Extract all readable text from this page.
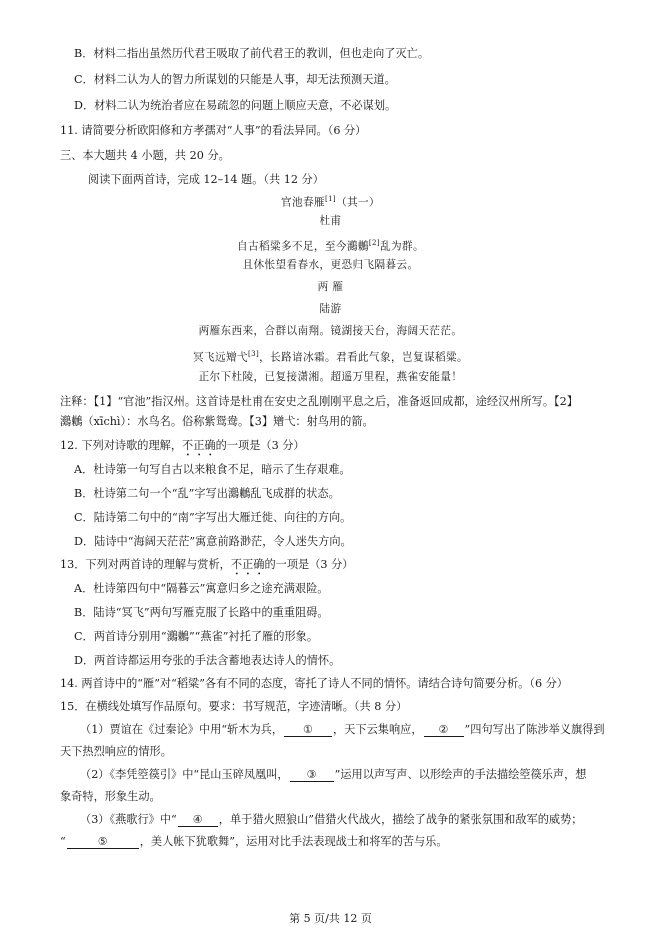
B．材料二指出虽然历代君王吸取了前代君王的教训，但也走向了灭亡。
C．材料二认为人的智力所谋划的只能是人事，却无法预测天道。
D．材料二认为统治者应在易疏忽的问题上顺应天意，不必谋划。
11. 请简要分析欧阳修和方孝孺对“人事”的看法异同。（6 分）
三、本大题共 4 小题，共 20 分。
阅读下面两首诗，完成 12–14 题。（共 12 分）
官池春雁[1]（其一）
杜甫
自古稻粱多不足，至今鸂鶒[2]乱为群。
且休怅望看春水，更恐归飞隔暮云。
两 雁
陆游
两雁东西来，合群以南翔。镜湖接天台，海阔天茫茫。
冥飞远矰弋[3]，长路谙冰霜。君看此气象，岂复谋稻粱。
正尔下杜陵，已复接潇湘。超遥万里程，燕雀安能量！
注释：【1】“官池”指汉州。这首诗是杜甫在安史之乱刚刚平息之后，准备返回成都，途经汉州所写。【2】
鸂鶒（xīchì）：水鸟名。俗称紫鸳鸯。【3】矰弋：射鸟用的箭。
12. 下列对诗歌的理解，不正确的一项是（3 分）
A．杜诗第一句写自古以来粮食不足，暗示了生存艰难。
B．杜诗第二句一个“乱”字写出鸂鶒乱飞成群的状态。
C．陆诗第二句中的“南”字写出大雁迁徙、向往的方向。
D．陆诗中“海阔天茫茫”寓意前路渺茫，令人迷失方向。
13．下列对两首诗的理解与赏析，不正确的一项是（3 分）
A．杜诗第四句中“隔暮云”寓意归乡之途充满艰险。
B．陆诗“冥飞”两句写雁克服了长路中的重重阻碍。
C．两首诗分别用“鸂鶒”“燕雀”衬托了雁的形象。
D．两首诗都运用夸张的手法含蓄地表达诗人的情怀。
14. 两首诗中的“雁”对“稻粱”各有不同的态度，寄托了诗人不同的情怀。请结合诗句简要分析。（6 分）
15．在横线处填写作品原句。要求：书写规范，字迹清晰。（共 8 分）
（1）贾谊在《过秦论》中用“斩木为兵， ① ，天下云集响应， ② ”四句写出了陈涉举义旗得到
天下热烈响应的情形。
（2）《李凭箜篌引》中“昆山玉碎凤凰叫， ③ ”运用以声写声、以形绘声的手法描绘箜篌乐声，想
象奇特，形象生动。
（3）《燕歌行》中“ ④ ，单于猎火照狼山”借猎火代战火，描绘了战争的紧张氛围和敌军的威势；
“	⑤	，美人帐下犹歌舞”，运用对比手法表现战士和将军的苦与乐。
第 5 页/共 12 页
